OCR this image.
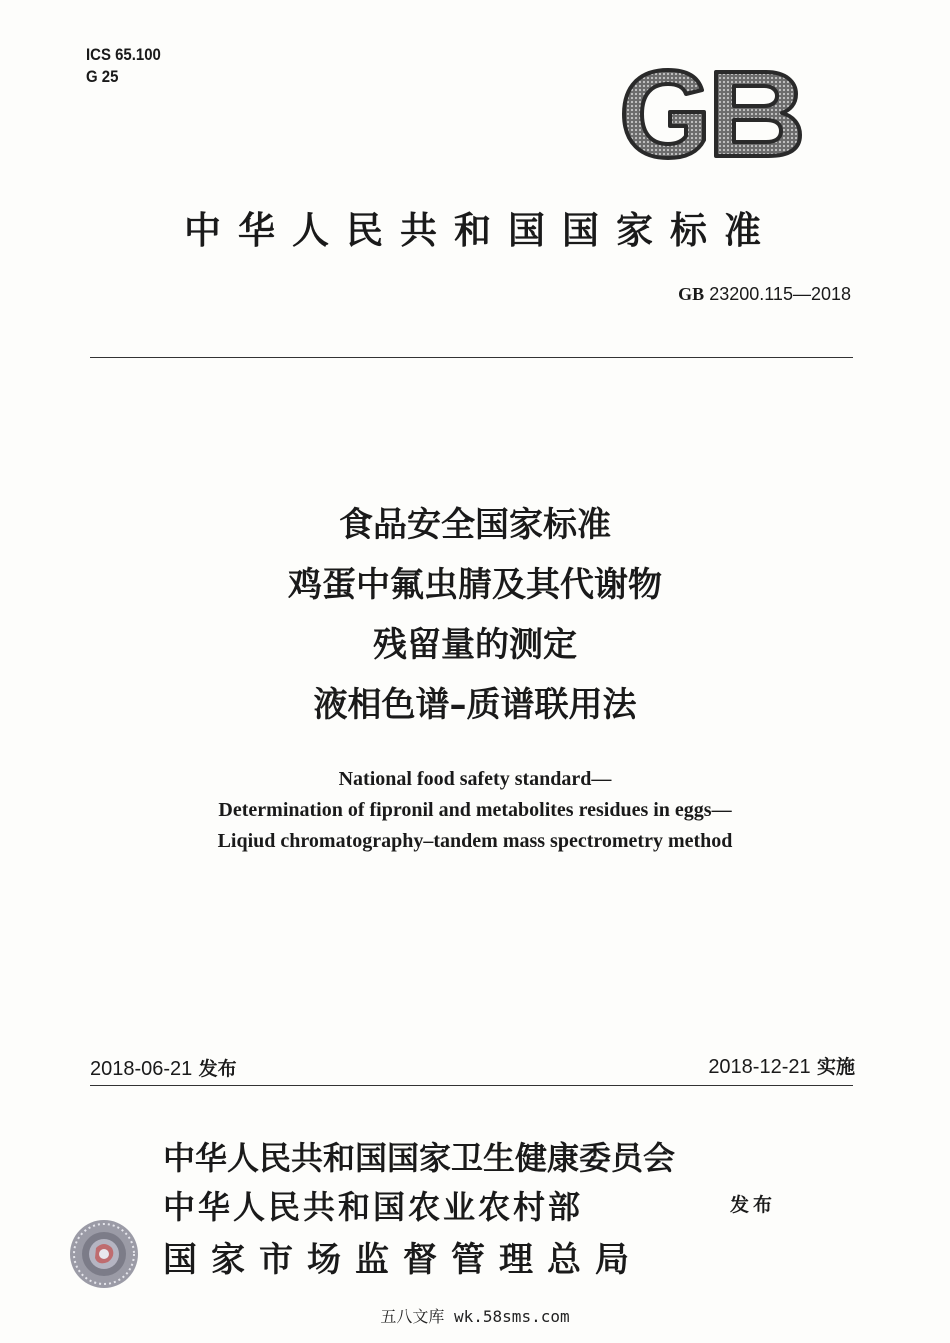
ICS 65.100
G 25
中华人民共和国国家标准
GB 23200.115—2018
食品安全国家标准
鸡蛋中氟虫腈及其代谢物
残留量的测定
液相色谱–质谱联用法
National food safety standard—
Determination of fipronil and metabolites residues in eggs—
Liqiud chromatography–tandem mass spectrometry method
2018-06-21 发布	2018-12-21 实施
中华人民共和国国家卫生健康委员会
中华人民共和国农业农村部
国家市场监督管理总局
发布
五八文库 wk.58sms.com
